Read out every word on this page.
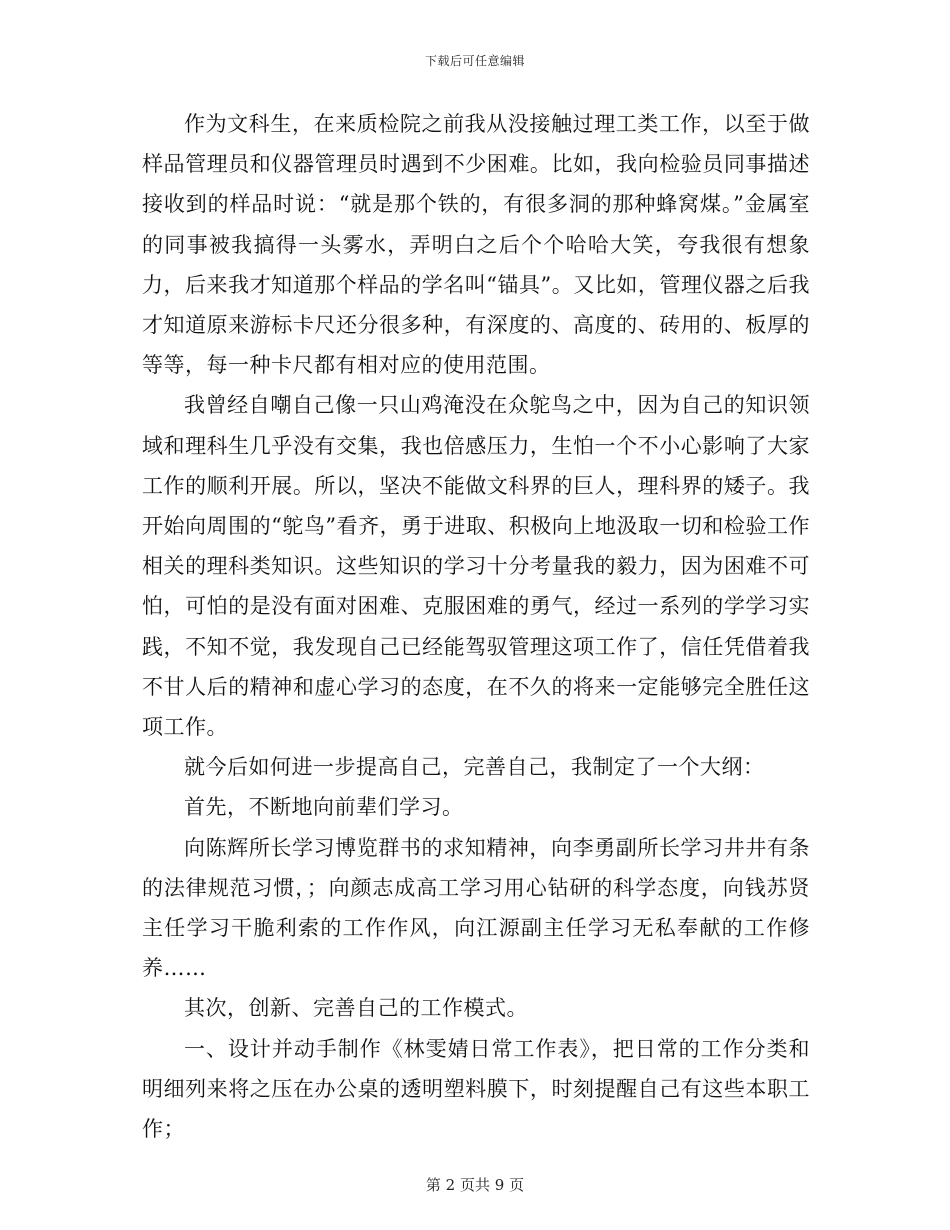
下载后可任意编辑

作为文科生，在来质检院之前我从没接触过理工类工作，以至于做样品管理员和仪器管理员时遇到不少困难。比如，我向检验员同事描述接收到的样品时说：“就是那个铁的，有很多洞的那种蜂窝煤。”金属室的同事被我搞得一头雾水，弄明白之后个个哈哈大笑，夸我很有想象力，后来我才知道那个样品的学名叫“锚具”。又比如，管理仪器之后我才知道原来游标卡尺还分很多种，有深度的、高度的、砖用的、板厚的等等，每一种卡尺都有相对应的使用范围。

我曾经自嘲自己像一只山鸡淹没在众鸵鸟之中，因为自己的知识领域和理科生几乎没有交集，我也倍感压力，生怕一个不小心影响了大家工作的顺利开展。所以，坚决不能做文科界的巨人，理科界的矮子。我开始向周围的“鸵鸟”看齐，勇于进取、积极向上地汲取一切和检验工作相关的理科类知识。这些知识的学习十分考量我的毅力，因为困难不可怕，可怕的是没有面对困难、克服困难的勇气，经过一系列的学学习实践，不知不觉，我发现自己已经能驾驭管理这项工作了，信任凭借着我不甘人后的精神和虚心学习的态度，在不久的将来一定能够完全胜任这项工作。

就今后如何进一步提高自己，完善自己，我制定了一个大纲：

首先，不断地向前辈们学习。

向陈辉所长学习博览群书的求知精神，向李勇副所长学习井井有条的法律规范习惯，；向颜志成高工学习用心钻研的科学态度，向钱苏贤主任学习干脆利索的工作作风，向江源副主任学习无私奉献的工作修养……

其次，创新、完善自己的工作模式。

一、设计并动手制作《林雯婧日常工作表》，把日常的工作分类和明细列来将之压在办公桌的透明塑料膜下，时刻提醒自己有这些本职工作；

第 2 页共 9 页
